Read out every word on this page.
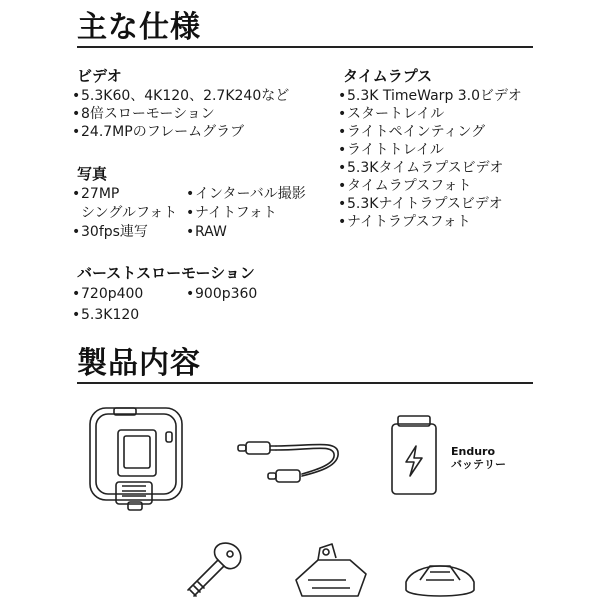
主な仕様
ビデオ
•5.3K60、4K120、2.7K240など
•8倍スローモーション
•24.7MPのフレームグラブ
写真
•27MP
シングルフォト
•30fps連写
•インターバル撮影
•ナイトフォト
•RAW
バーストスローモーション
•720p400	•900p360
•5.3K120
タイムラプス
•5.3K TimeWarp 3.0ビデオ
•スタートレイル
•ライトペインティング
•ライトトレイル
•5.3Kタイムラプスビデオ
•タイムラプスフォト
•5.3Kナイトラプスビデオ
•ナイトラプスフォト
製品内容
Enduro
バッテリー
